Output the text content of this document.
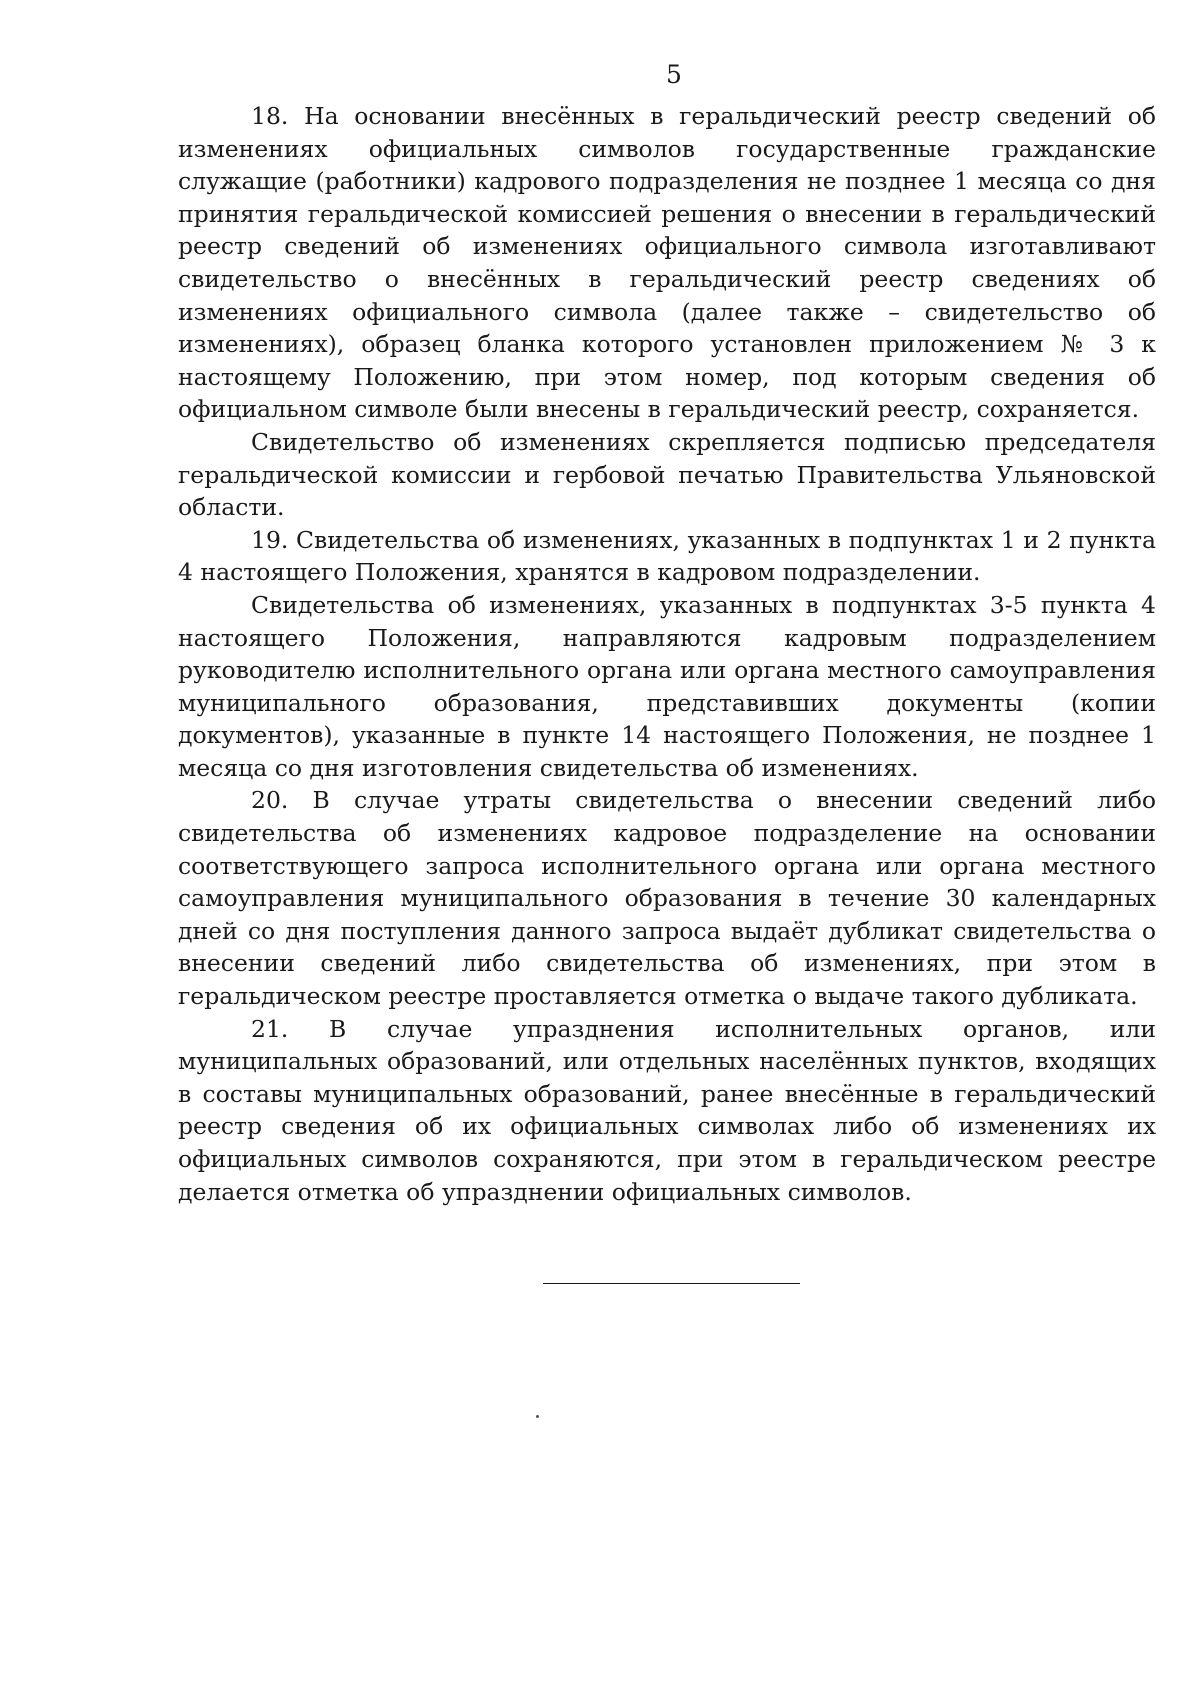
5

18. На основании внесённых в геральдический реестр сведений об изменениях официальных символов государственные гражданские служащие (работники) кадрового подразделения не позднее 1 месяца со дня принятия геральдической комиссией решения о внесении в геральдический реестр сведений об изменениях официального символа изготавливают свидетельство о внесённых в геральдический реестр сведениях об изменениях официального символа (далее также – свидетельство об изменениях), образец бланка которого установлен приложением № 3 к настоящему Положению, при этом номер, под которым сведения об официальном символе были внесены в геральдический реестр, сохраняется.

Свидетельство об изменениях скрепляется подписью председателя геральдической комиссии и гербовой печатью Правительства Ульяновской области.

19. Свидетельства об изменениях, указанных в подпунктах 1 и 2 пункта 4 настоящего Положения, хранятся в кадровом подразделении.

Свидетельства об изменениях, указанных в подпунктах 3-5 пункта 4 настоящего Положения, направляются кадровым подразделением руководителю исполнительного органа или органа местного самоуправления муниципального образования, представивших документы (копии документов), указанные в пункте 14 настоящего Положения, не позднее 1 месяца со дня изготовления свидетельства об изменениях.

20. В случае утраты свидетельства о внесении сведений либо свидетельства об изменениях кадровое подразделение на основании соответствующего запроса исполнительного органа или органа местного самоуправления муниципального образования в течение 30 календарных дней со дня поступления данного запроса выдаёт дубликат свидетельства о внесении сведений либо свидетельства об изменениях, при этом в геральдическом реестре проставляется отметка о выдаче такого дубликата.

21. В случае упразднения исполнительных органов, или муниципальных образований, или отдельных населённых пунктов, входящих в составы муниципальных образований, ранее внесённые в геральдический реестр сведения об их официальных символах либо об изменениях их официальных символов сохраняются, при этом в геральдическом реестре делается отметка об упразднении официальных символов.
